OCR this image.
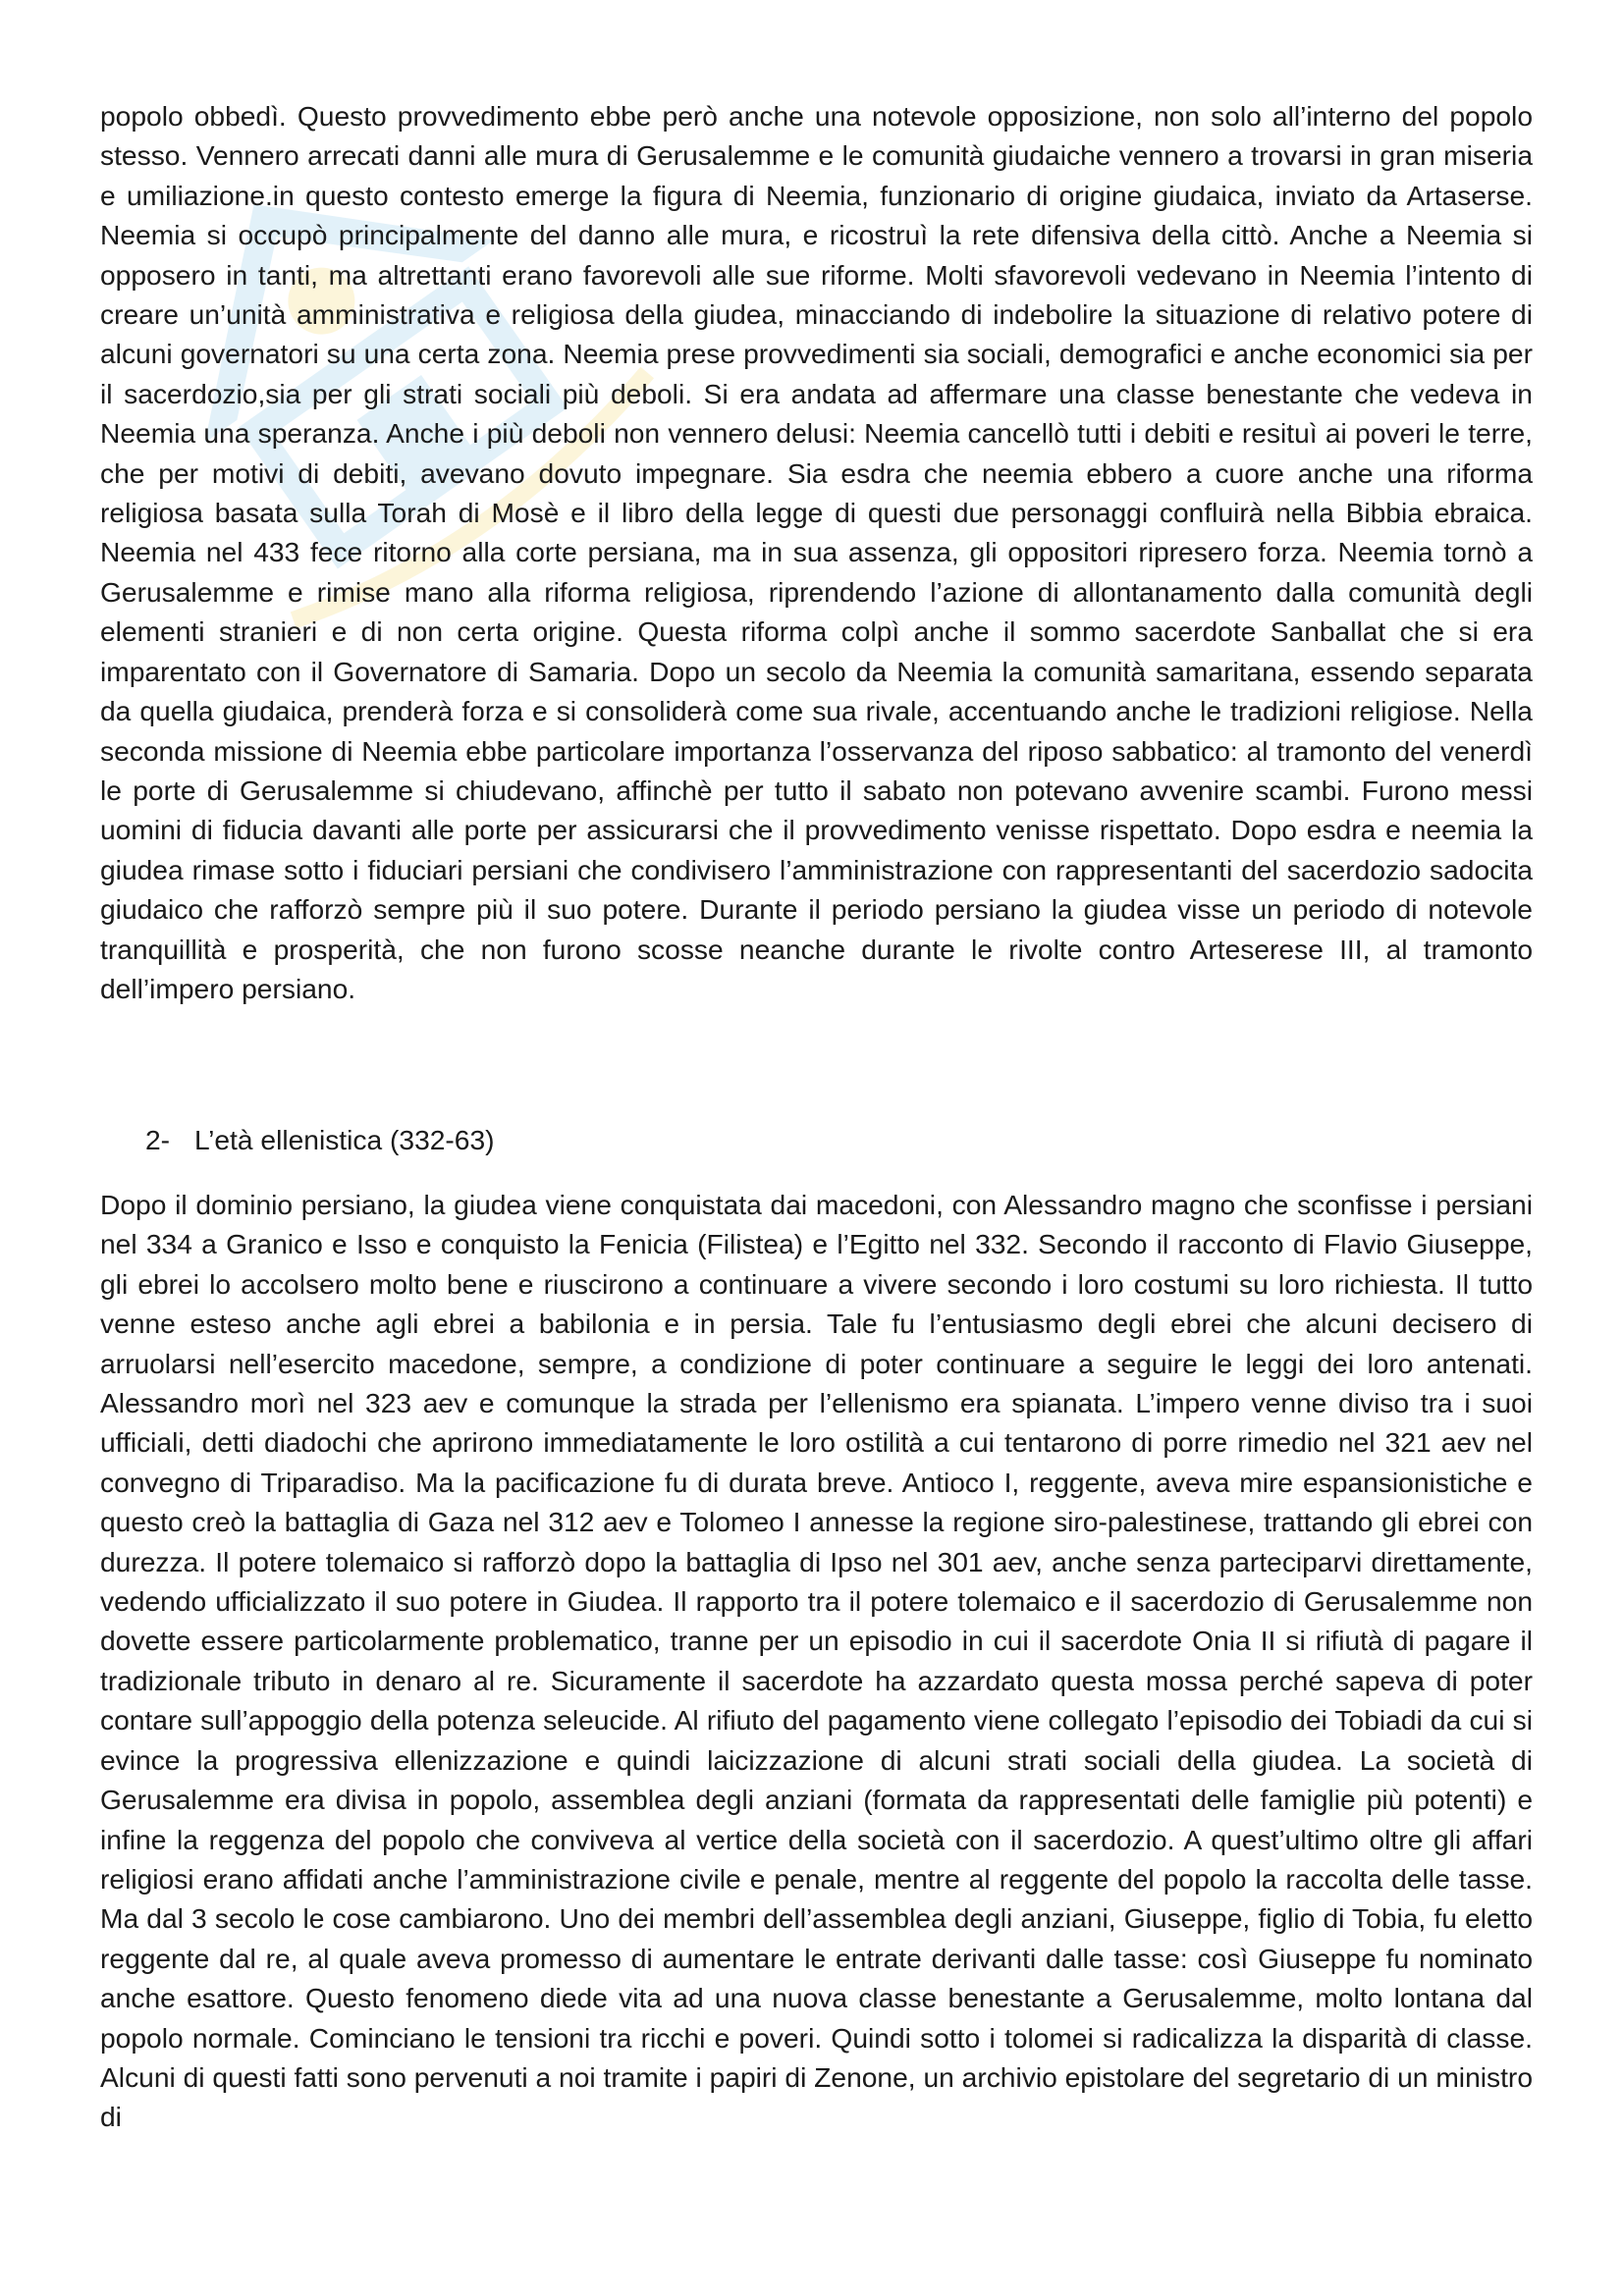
popolo obbedì. Questo provvedimento ebbe però anche una notevole opposizione, non solo all’interno del popolo stesso. Vennero arrecati danni alle mura di Gerusalemme e le comunità giudaiche vennero a trovarsi in gran miseria e umiliazione.in questo contesto emerge la figura di Neemia, funzionario di origine giudaica, inviato da Artaserse. Neemia si occupò principalmente del danno alle mura, e ricostruì la rete difensiva della cittò. Anche a Neemia si opposero in tanti, ma altrettanti erano favorevoli alle sue riforme. Molti sfavorevoli vedevano in Neemia l’intento di creare un’unità amministrativa e religiosa della giudea, minacciando di indebolire la situazione di relativo potere di alcuni governatori su una certa zona. Neemia prese provvedimenti sia sociali, demografici e anche economici sia per il sacerdozio,sia per gli strati sociali più deboli. Si era andata ad affermare una classe benestante che vedeva in Neemia una speranza. Anche i più deboli non vennero delusi: Neemia cancellò tutti i debiti e resituì ai poveri le terre, che per motivi di debiti, avevano dovuto impegnare. Sia esdra che neemia ebbero a cuore anche una riforma religiosa basata sulla Torah di Mosè e il libro della legge di questi due personaggi confluirà nella Bibbia ebraica. Neemia nel 433 fece ritorno alla corte persiana, ma in sua assenza, gli oppositori ripresero forza. Neemia tornò a Gerusalemme e rimise mano alla riforma religiosa, riprendendo l’azione di allontanamento dalla comunità degli elementi stranieri e di non certa origine. Questa riforma colpì anche il sommo sacerdote Sanballat che si era imparentato con il Governatore di Samaria. Dopo un secolo da Neemia la comunità samaritana, essendo separata da quella giudaica, prenderà forza e si consoliderà come sua rivale, accentuando anche le tradizioni religiose. Nella seconda missione di Neemia ebbe particolare importanza l’osservanza del riposo sabbatico: al tramonto del venerdì le porte di Gerusalemme si chiudevano, affinchè per tutto il sabato non potevano avvenire scambi. Furono messi uomini di fiducia davanti alle porte per assicurarsi che il provvedimento venisse rispettato. Dopo esdra e neemia la giudea rimase sotto i fiduciari persiani che condivisero l’amministrazione con rappresentanti del sacerdozio sadocita giudaico che rafforzò sempre più il suo potere. Durante il periodo persiano la giudea visse un periodo di notevole tranquillità e prosperità, che non furono scosse neanche durante le rivolte contro Arteserese III, al tramonto dell’impero persiano.
2- L’età ellenistica (332-63)
Dopo il dominio persiano, la giudea viene conquistata dai macedoni, con Alessandro magno che sconfisse i persiani nel 334 a Granico e Isso e conquisto la Fenicia (Filistea) e l’Egitto nel 332. Secondo il racconto di Flavio Giuseppe, gli ebrei lo accolsero molto bene e riuscirono a continuare a vivere secondo i loro costumi su loro richiesta. Il tutto venne esteso anche agli ebrei a babilonia e in persia. Tale fu l’entusiasmo degli ebrei che alcuni decisero di arruolarsi nell’esercito macedone, sempre, a condizione di poter continuare a seguire le leggi dei loro antenati. Alessandro morì nel 323 aev e comunque la strada per l’ellenismo era spianata. L’impero venne diviso tra i suoi ufficiali, detti diadochi che aprirono immediatamente le loro ostilità a cui tentarono di porre rimedio nel 321 aev nel convegno di Triparadiso. Ma la pacificazione fu di durata breve. Antioco I, reggente, aveva mire espansionistiche e questo creò la battaglia di Gaza nel 312 aev e Tolomeo I annesse la regione siro-palestinese, trattando gli ebrei con durezza. Il potere tolemaico si rafforzò dopo la battaglia di Ipso nel 301 aev, anche senza parteciparvi direttamente, vedendo ufficializzato il suo potere in Giudea. Il rapporto tra il potere tolemaico e il sacerdozio di Gerusalemme non dovette essere particolarmente problematico, tranne per un episodio in cui il sacerdote Onia II si rifiutà di pagare il tradizionale tributo in denaro al re. Sicuramente il sacerdote ha azzardato questa mossa perché sapeva di poter contare sull’appoggio della potenza seleucide. Al rifiuto del pagamento viene collegato l’episodio dei Tobiadi da cui si evince la progressiva ellenizzazione e quindi laicizzazione di alcuni strati sociali della giudea. La società di Gerusalemme era divisa in popolo, assemblea degli anziani (formata da rappresentati delle famiglie più potenti) e infine la reggenza del popolo che conviveva al vertice della società con il sacerdozio. A quest’ultimo oltre gli affari religiosi erano affidati anche l’amministrazione civile e penale, mentre al reggente del popolo la raccolta delle tasse. Ma dal 3 secolo le cose cambiarono. Uno dei membri dell’assemblea degli anziani, Giuseppe, figlio di Tobia, fu eletto reggente dal re, al quale aveva promesso di aumentare le entrate derivanti dalle tasse: così Giuseppe fu nominato anche esattore. Questo fenomeno diede vita ad una nuova classe benestante a Gerusalemme, molto lontana dal popolo normale. Cominciano le tensioni tra ricchi e poveri. Quindi sotto i tolomei si radicalizza la disparità di classe. Alcuni di questi fatti sono pervenuti a noi tramite i papiri di Zenone, un archivio epistolare del segretario di un ministro di
